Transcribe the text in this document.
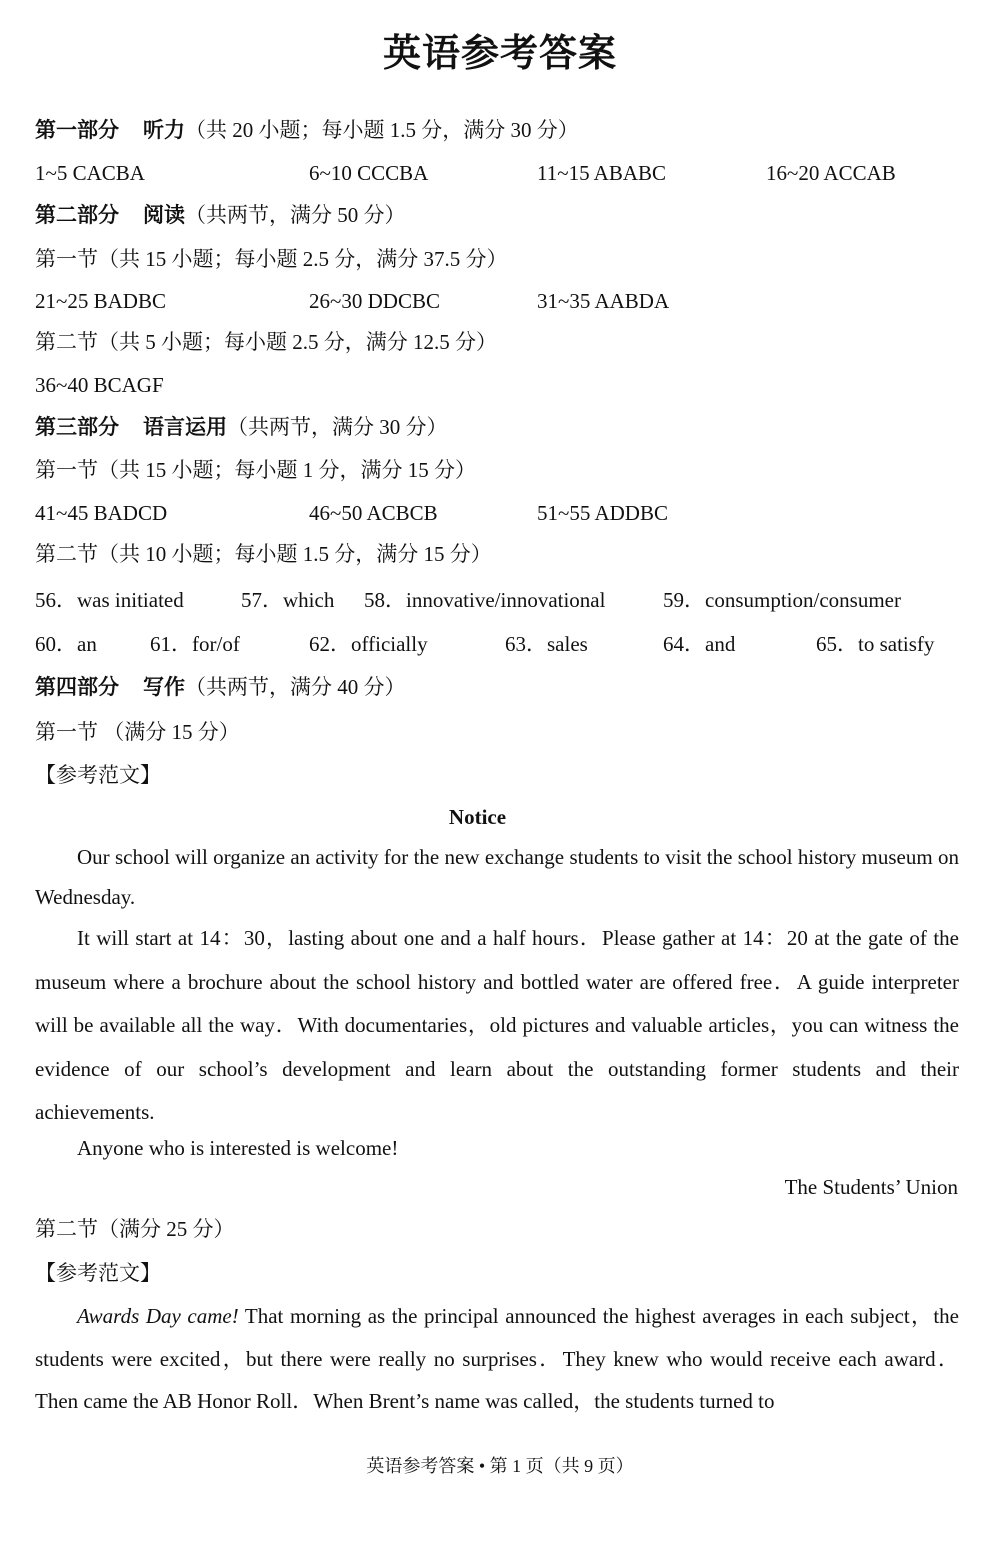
英语参考答案
第一部分 听力（共 20 小题；每小题 1.5 分，满分 30 分）
1~5 CACBA	6~10 CCCBA	11~15 ABABC	16~20 ACCAB
第二部分 阅读（共两节，满分 50 分）
第一节（共 15 小题；每小题 2.5 分，满分 37.5 分）
21~25 BADBC	26~30 DDCBC	31~35 AABDA
第二节（共 5 小题；每小题 2.5 分，满分 12.5 分）
36~40 BCAGF
第三部分 语言运用（共两节，满分 30 分）
第一节（共 15 小题；每小题 1 分，满分 15 分）
41~45 BADCD	46~50 ACBCB	51~55 ADDBC
第二节（共 10 小题；每小题 1.5 分，满分 15 分）
56．was initiated	57．which 58．innovative/innovational	59．consumption/consumer
60．an	61．for/of	62．officially	63．sales	64．and	65．to satisfy
第四部分 写作（共两节，满分 40 分）
第一节 （满分 15 分）
【参考范文】
Notice
Our school will organize an activity for the new exchange students to visit the school history museum on Wednesday.
It will start at 14：30，lasting about one and a half hours．Please gather at 14：20 at the gate of the museum where a brochure about the school history and bottled water are offered free．A guide interpreter will be available all the way．With documentaries，old pictures and valuable articles，you can witness the evidence of our school’s development and learn about the outstanding former students and their achievements.
Anyone who is interested is welcome!
The Students’ Union
第二节（满分 25 分）
【参考范文】
Awards Day came! That morning as the principal announced the highest averages in each subject，the students were excited，but there were really no surprises．They knew who would receive each award．Then came the AB Honor Roll．When Brent’s name was called，the students turned to
英语参考答案 • 第 1 页（共 9 页）
